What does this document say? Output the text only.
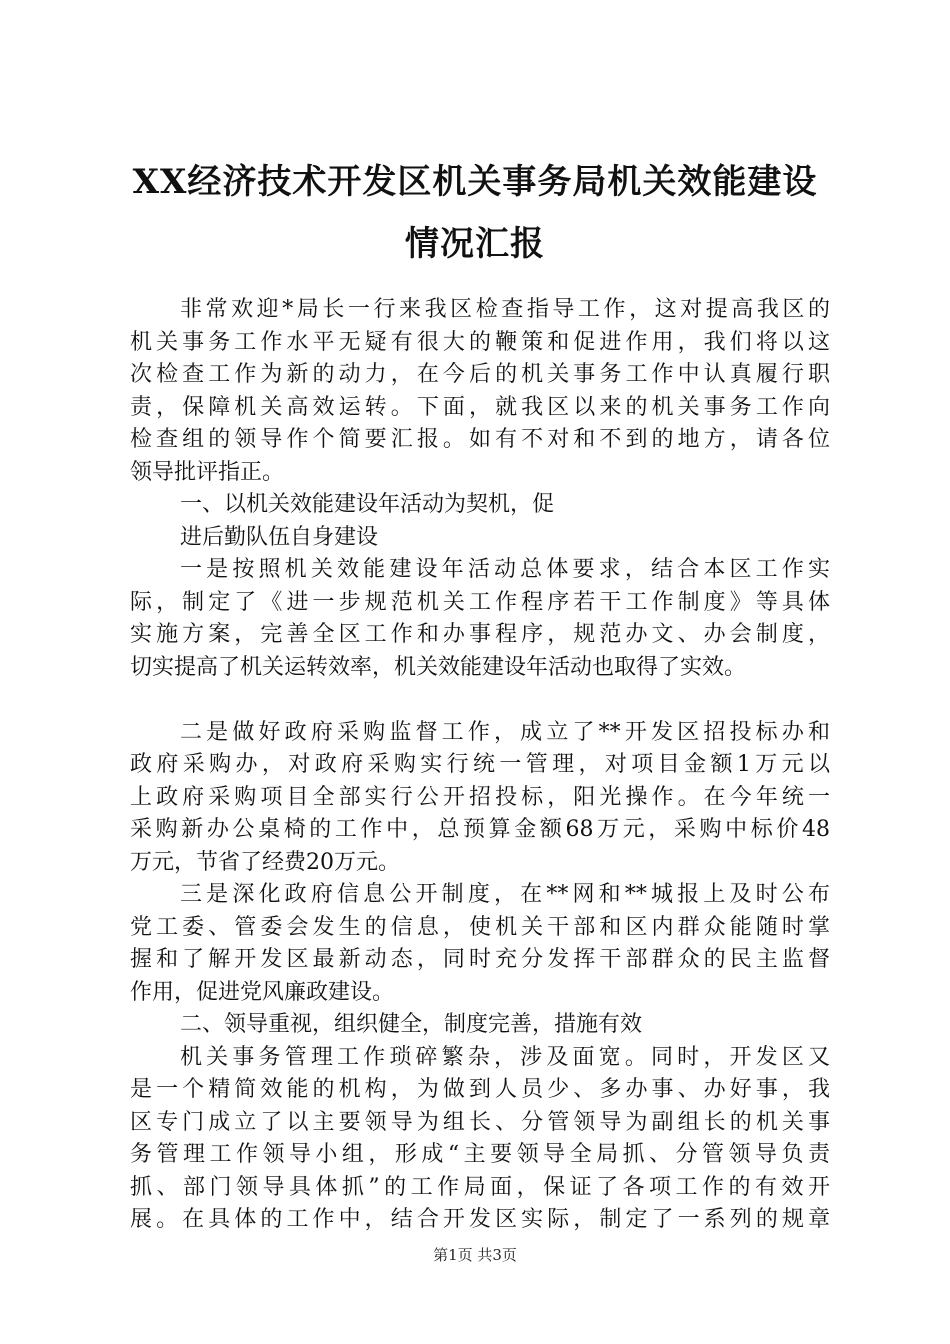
XX经济技术开发区机关事务局机关效能建设
情况汇报
非常欢迎*局长一行来我区检查指导工作，这对提高我区的
机关事务工作水平无疑有很大的鞭策和促进作用，我们将以这
次检查工作为新的动力，在今后的机关事务工作中认真履行职
责，保障机关高效运转。下面，就我区以来的机关事务工作向
检查组的领导作个简要汇报。如有不对和不到的地方，请各位
领导批评指正。
一、以机关效能建设年活动为契机，促
进后勤队伍自身建设
一是按照机关效能建设年活动总体要求，结合本区工作实
际，制定了《进一步规范机关工作程序若干工作制度》等具体
实施方案，完善全区工作和办事程序，规范办文、办会制度，
切实提高了机关运转效率，机关效能建设年活动也取得了实效。
二是做好政府采购监督工作，成立了**开发区招投标办和
政府采购办，对政府采购实行统一管理，对项目金额1万元以
上政府采购项目全部实行公开招投标，阳光操作。在今年统一
采购新办公桌椅的工作中，总预算金额68万元，采购中标价48
万元，节省了经费20万元。
三是深化政府信息公开制度，在**网和**城报上及时公布
党工委、管委会发生的信息，使机关干部和区内群众能随时掌
握和了解开发区最新动态，同时充分发挥干部群众的民主监督
作用，促进党风廉政建设。
二、领导重视，组织健全，制度完善，措施有效
机关事务管理工作琐碎繁杂，涉及面宽。同时，开发区又
是一个精简效能的机构，为做到人员少、多办事、办好事，我
区专门成立了以主要领导为组长、分管领导为副组长的机关事
务管理工作领导小组，形成“主要领导全局抓、分管领导负责
抓、部门领导具体抓”的工作局面，保证了各项工作的有效开
展。在具体的工作中，结合开发区实际，制定了一系列的规章
第1页 共3页
